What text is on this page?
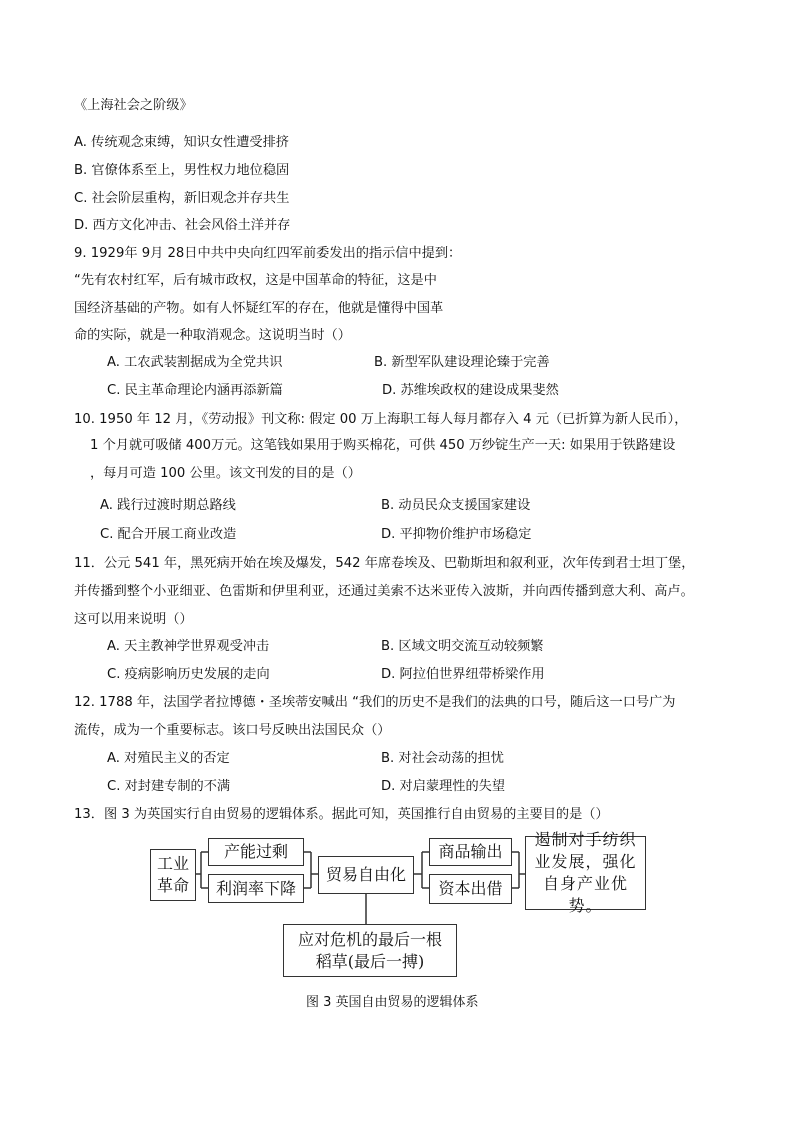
《上海社会之阶级》
A. 传统观念束缚，知识女性遭受排挤
B. 官僚体系至上，男性权力地位稳固
C. 社会阶层重构，新旧观念并存共生
D. 西方文化冲击、社会风俗土洋并存
9. 1929年 9月 28日中共中央向红四军前委发出的指示信中提到：
“先有农村红军，后有城市政权，这是中国革命的特征，这是中
国经济基础的产物。如有人怀疑红军的存在，他就是懂得中国革
命的实际，就是一种取消观念。这说明当时（）
A. 工农武装割据成为全党共识	B. 新型军队建设理论臻于完善
C. 民主革命理论内涵再添新篇	D. 苏维埃政权的建设成果斐然
10. 1950 年 12 月，《劳动报》刊文称: 假定 00 万上海职工每人每月都存入 4 元（已折算为新人民币），
1 个月就可吸储 400万元。这笔钱如果用于购买棉花，可供 450 万纱锭生产一天: 如果用于铁路建设
，每月可造 100 公里。该文刊发的目的是（）
A. 践行过渡时期总路线	B. 动员民众支援国家建设
C. 配合开展工商业改造	D. 平抑物价维护市场稳定
11．公元 541 年，黑死病开始在埃及爆发，542 年席卷埃及、巴勒斯坦和叙利亚，次年传到君士坦丁堡，
并传播到整个小亚细亚、色雷斯和伊里利亚，还通过美索不达米亚传入波斯，并向西传播到意大利、高卢。
这可以用来说明（）
A. 天主教神学世界观受冲击	B. 区域文明交流互动较频繁
C. 疫病影响历史发展的走向	D. 阿拉伯世界纽带桥梁作用
12. 1788 年，法国学者拉博德・圣埃蒂安喊出 “我们的历史不是我们的法典的口号，随后这一口号广为
流传，成为一个重要标志。该口号反映出法国民众（）
A. 对殖民主义的否定	B. 对社会动荡的担忧
C. 对封建专制的不满	D. 对启蒙理性的失望
13．图 3 为英国实行自由贸易的逻辑体系。据此可知，英国推行自由贸易的主要目的是（）
工业革命
产能过剩
利润率下降
贸易自由化
商品输出
资本出借
遏制对手纺织业发展，强化自身产业优势。
应对危机的最后一根稻草(最后一搏)
图 3 英国自由贸易的逻辑体系
